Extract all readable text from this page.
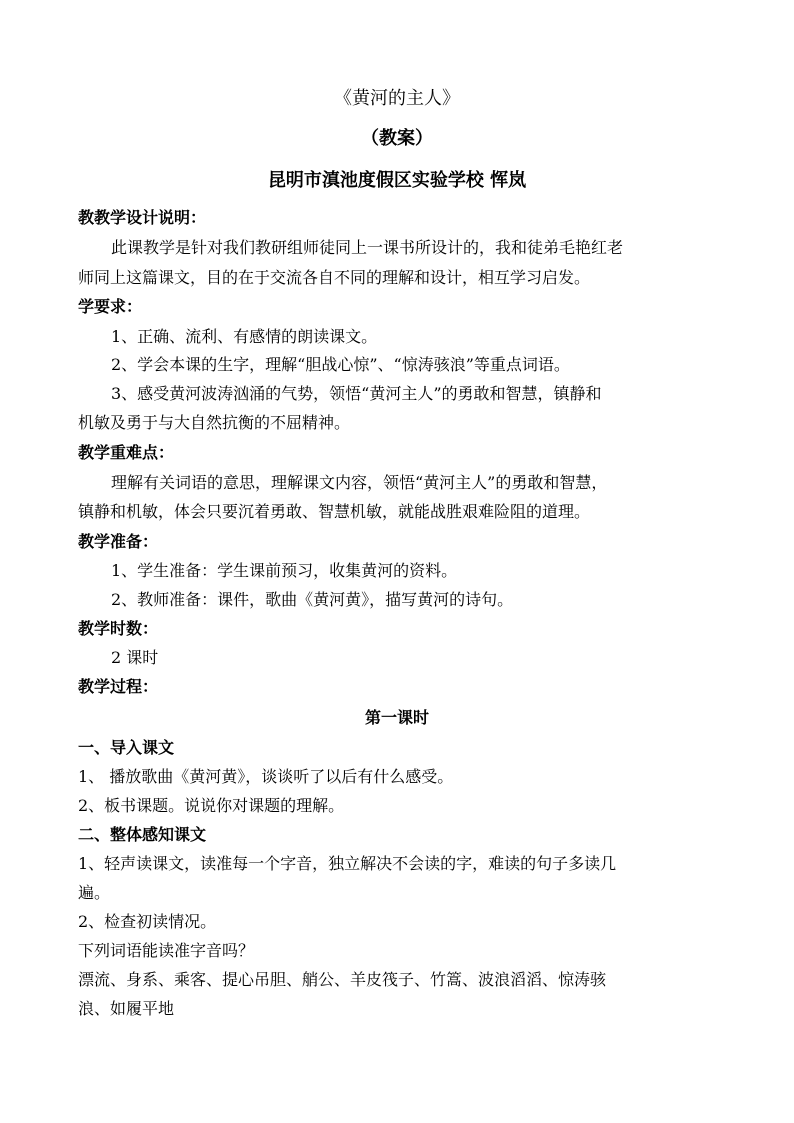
《黄河的主人》
（教案）
昆明市滇池度假区实验学校 恽岚
教教学设计说明：
此课教学是针对我们教研组师徒同上一课书所设计的，我和徒弟毛艳红老
师同上这篇课文，目的在于交流各自不同的理解和设计，相互学习启发。
学要求：
1、正确、流利、有感情的朗读课文。
2、学会本课的生字，理解“胆战心惊”、“惊涛骇浪”等重点词语。
3、感受黄河波涛汹涌的气势，领悟“黄河主人”的勇敢和智慧，镇静和
机敏及勇于与大自然抗衡的不屈精神。
教学重难点：
理解有关词语的意思，理解课文内容，领悟“黄河主人”的勇敢和智慧，
镇静和机敏，体会只要沉着勇敢、智慧机敏，就能战胜艰难险阻的道理。
教学准备：
1、学生准备：学生课前预习，收集黄河的资料。
2、教师准备：课件，歌曲《黄河黄》，描写黄河的诗句。
教学时数：
2 课时
教学过程：
第一课时
一、导入课文
1、 播放歌曲《黄河黄》，谈谈听了以后有什么感受。
2、板书课题。说说你对课题的理解。
二、整体感知课文
1、轻声读课文，读准每一个字音，独立解决不会读的字，难读的句子多读几
遍。
2、检查初读情况。
下列词语能读准字音吗？
漂流、身系、乘客、提心吊胆、艄公、羊皮筏子、竹篙、波浪滔滔、惊涛骇
浪、如履平地
